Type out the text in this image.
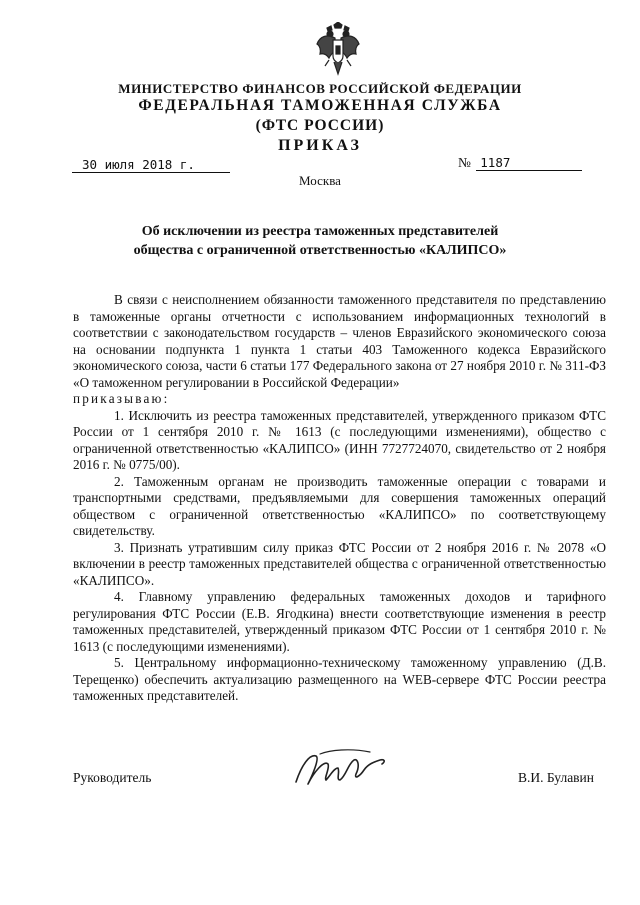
МИНИСТЕРСТВО ФИНАНСОВ РОССИЙСКОЙ ФЕДЕРАЦИИ
ФЕДЕРАЛЬНАЯ ТАМОЖЕННАЯ СЛУЖБА
(ФТС РОССИИ)
ПРИКАЗ
30 июля 2018 г.	№ 1187
Москва
Об исключении из реестра таможенных представителей
общества с ограниченной ответственностью «КАЛИПСО»

В связи с неисполнением обязанности таможенного представителя по представлению в таможенные органы отчетности с использованием информационных технологий в соответствии с законодательством государств – членов Евразийского экономического союза на основании подпункта 1 пункта 1 статьи 403 Таможенного кодекса Евразийского экономического союза, части 6 статьи 177 Федерального закона от 27 ноября 2010 г. № 311-ФЗ «О таможенном регулировании в Российской Федерации»

приказываю:

1. Исключить из реестра таможенных представителей, утвержденного приказом ФТС России от 1 сентября 2010 г. № 1613 (с последующими изменениями), общество с ограниченной ответственностью «КАЛИПСО» (ИНН 7727724070, свидетельство от 2 ноября 2016 г. № 0775/00).

2. Таможенным органам не производить таможенные операции с товарами и транспортными средствами, предъявляемыми для совершения таможенных операций обществом с ограниченной ответственностью «КАЛИПСО» по соответствующему свидетельству.

3. Признать утратившим силу приказ ФТС России от 2 ноября 2016 г. № 2078 «О включении в реестр таможенных представителей общества с ограниченной ответственностью «КАЛИПСО».

4. Главному управлению федеральных таможенных доходов и тарифного регулирования ФТС России (Е.В. Ягодкина) внести соответствующие изменения в реестр таможенных представителей, утвержденный приказом ФТС России от 1 сентября 2010 г. № 1613 (с последующими изменениями).

5. Центральному информационно-техническому таможенному управлению (Д.В. Терещенко) обеспечить актуализацию размещенного на WEB-сервере ФТС России реестра таможенных представителей.

Руководитель	В.И. Булавин
